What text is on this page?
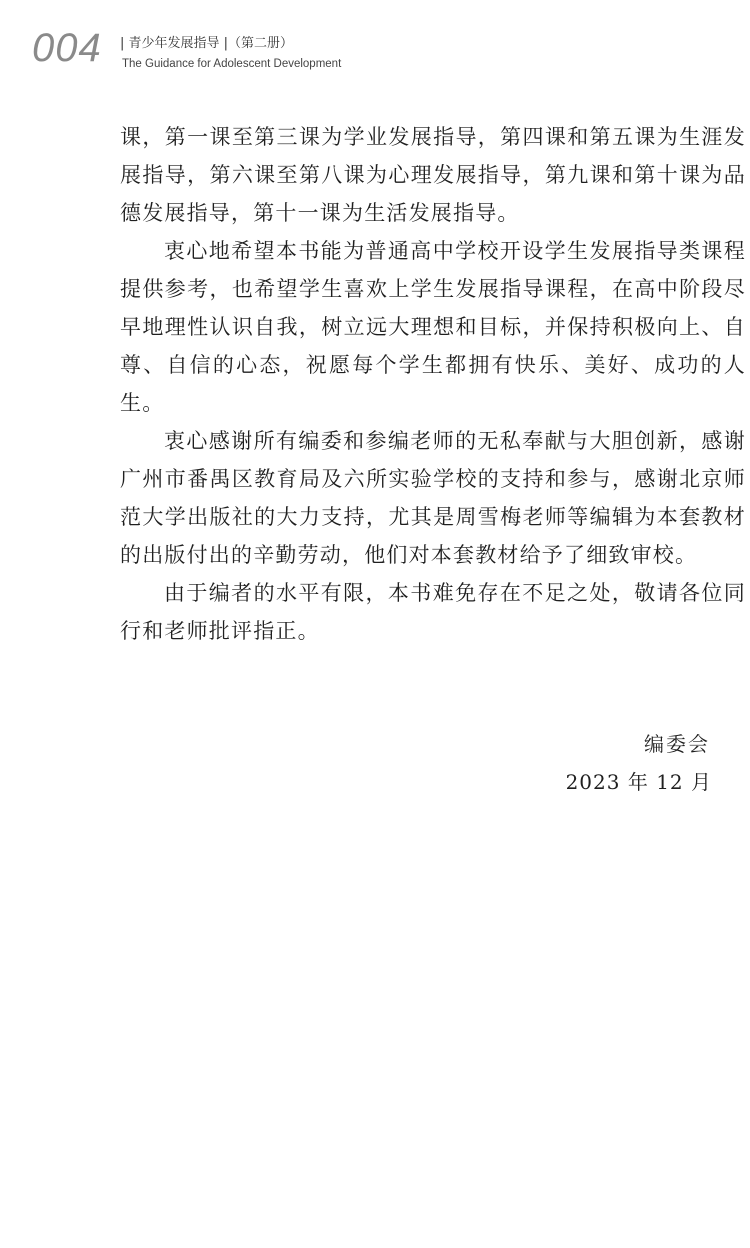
004 | 青少年发展指导 |（第二册）
The Guidance for Adolescent Development

课，第一课至第三课为学业发展指导，第四课和第五课为生涯发展指导，第六课至第八课为心理发展指导，第九课和第十课为品德发展指导，第十一课为生活发展指导。

衷心地希望本书能为普通高中学校开设学生发展指导类课程提供参考，也希望学生喜欢上学生发展指导课程，在高中阶段尽早地理性认识自我，树立远大理想和目标，并保持积极向上、自尊、自信的心态，祝愿每个学生都拥有快乐、美好、成功的人生。

衷心感谢所有编委和参编老师的无私奉献与大胆创新，感谢广州市番禺区教育局及六所实验学校的支持和参与，感谢北京师范大学出版社的大力支持，尤其是周雪梅老师等编辑为本套教材的出版付出的辛勤劳动，他们对本套教材给予了细致审校。

由于编者的水平有限，本书难免存在不足之处，敬请各位同行和老师批评指正。

编委会
2023 年 12 月
